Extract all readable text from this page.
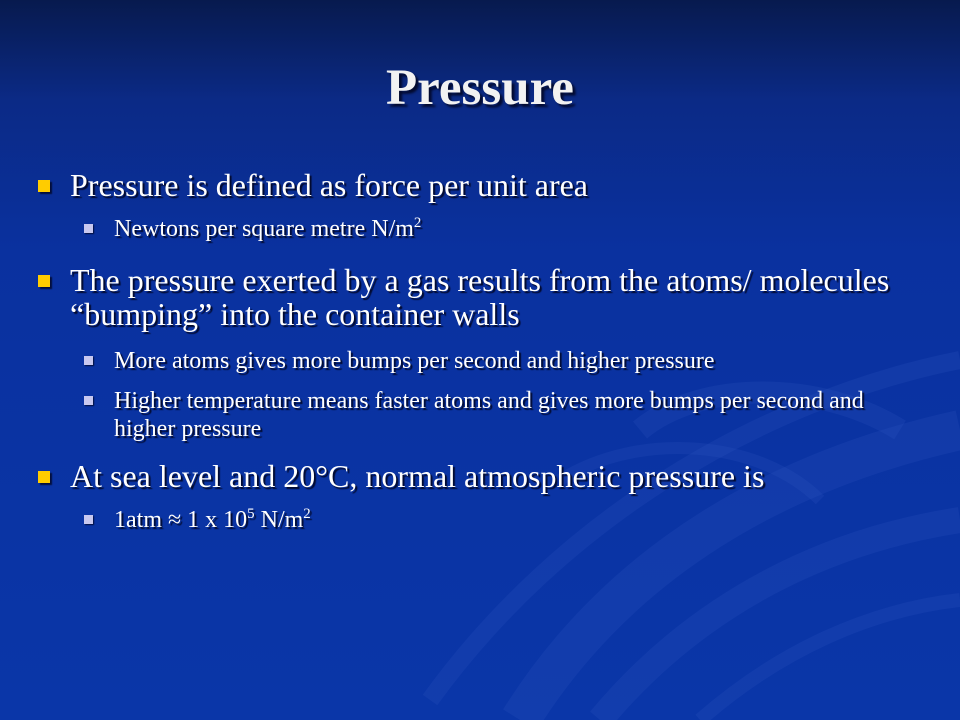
Pressure
Pressure is defined as force per unit area
Newtons per square metre $N/m^2$
The pressure exerted by a gas results from the atoms/ molecules “bumping” into the container walls
More atoms gives more bumps per second and higher pressure
Higher temperature means faster atoms and gives more bumps per second and higher pressure
At sea level and 20°C, normal atmospheric pressure is
1atm ≈ 1 x $10^5$ $N/m^2$
